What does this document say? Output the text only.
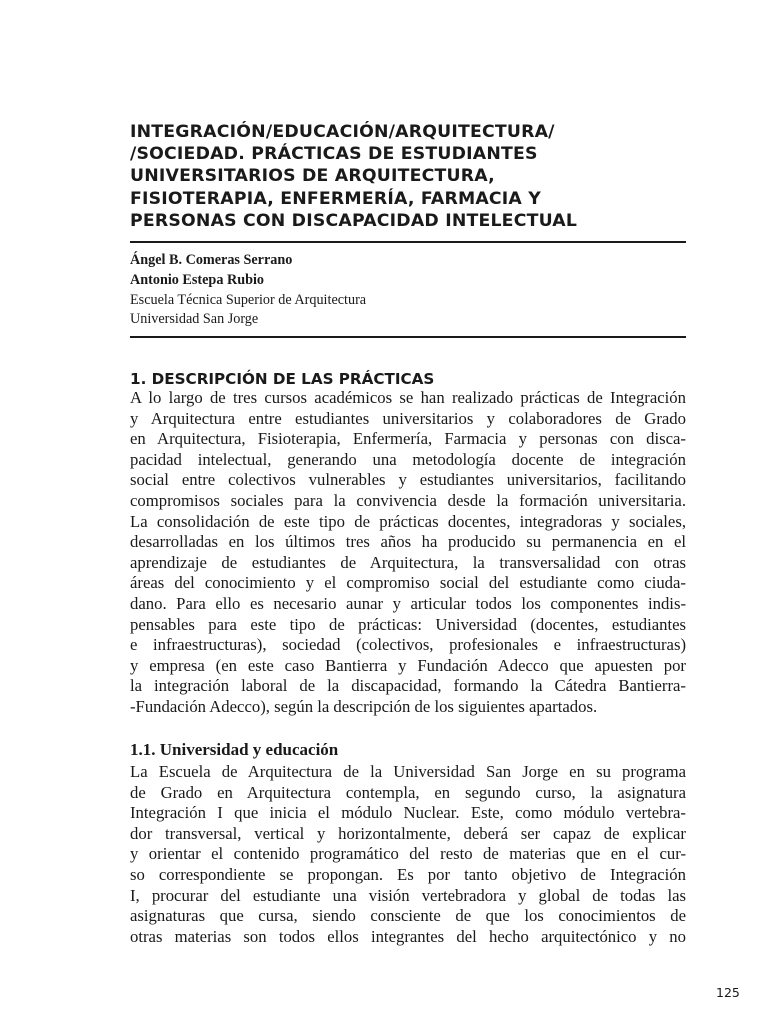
INTEGRACIÓN/EDUCACIÓN/ARQUITECTURA/
/SOCIEDAD. PRÁCTICAS DE ESTUDIANTES
UNIVERSITARIOS DE ARQUITECTURA,
FISIOTERAPIA, ENFERMERÍA, FARMACIA Y
PERSONAS CON DISCAPACIDAD INTELECTUAL
Ángel B. Comeras Serrano
Antonio Estepa Rubio
Escuela Técnica Superior de Arquitectura
Universidad San Jorge
1. DESCRIPCIÓN DE LAS PRÁCTICAS

A lo largo de tres cursos académicos se han realizado prácticas de Integración
y Arquitectura entre estudiantes universitarios y colaboradores de Grado
en Arquitectura, Fisioterapia, Enfermería, Farmacia y personas con disca-
pacidad intelectual, generando una metodología docente de integración
social entre colectivos vulnerables y estudiantes universitarios, facilitando
compromisos sociales para la convivencia desde la formación universitaria.
La consolidación de este tipo de prácticas docentes, integradoras y sociales,
desarrolladas en los últimos tres años ha producido su permanencia en el
aprendizaje de estudiantes de Arquitectura, la transversalidad con otras
áreas del conocimiento y el compromiso social del estudiante como ciuda-
dano. Para ello es necesario aunar y articular todos los componentes indis-
pensables para este tipo de prácticas: Universidad (docentes, estudiantes
e infraestructuras), sociedad (colectivos, profesionales e infraestructuras)
y empresa (en este caso Bantierra y Fundación Adecco que apuesten por
la integración laboral de la discapacidad, formando la Cátedra Bantierra-
-Fundación Adecco), según la descripción de los siguientes apartados.

1.1. Universidad y educación

La Escuela de Arquitectura de la Universidad San Jorge en su programa
de Grado en Arquitectura contempla, en segundo curso, la asignatura
Integración I que inicia el módulo Nuclear. Este, como módulo vertebra-
dor transversal, vertical y horizontalmente, deberá ser capaz de explicar
y orientar el contenido programático del resto de materias que en el cur-
so correspondiente se propongan. Es por tanto objetivo de Integración
I, procurar del estudiante una visión vertebradora y global de todas las
asignaturas que cursa, siendo consciente de que los conocimientos de
otras materias son todos ellos integrantes del hecho arquitectónico y no

125
